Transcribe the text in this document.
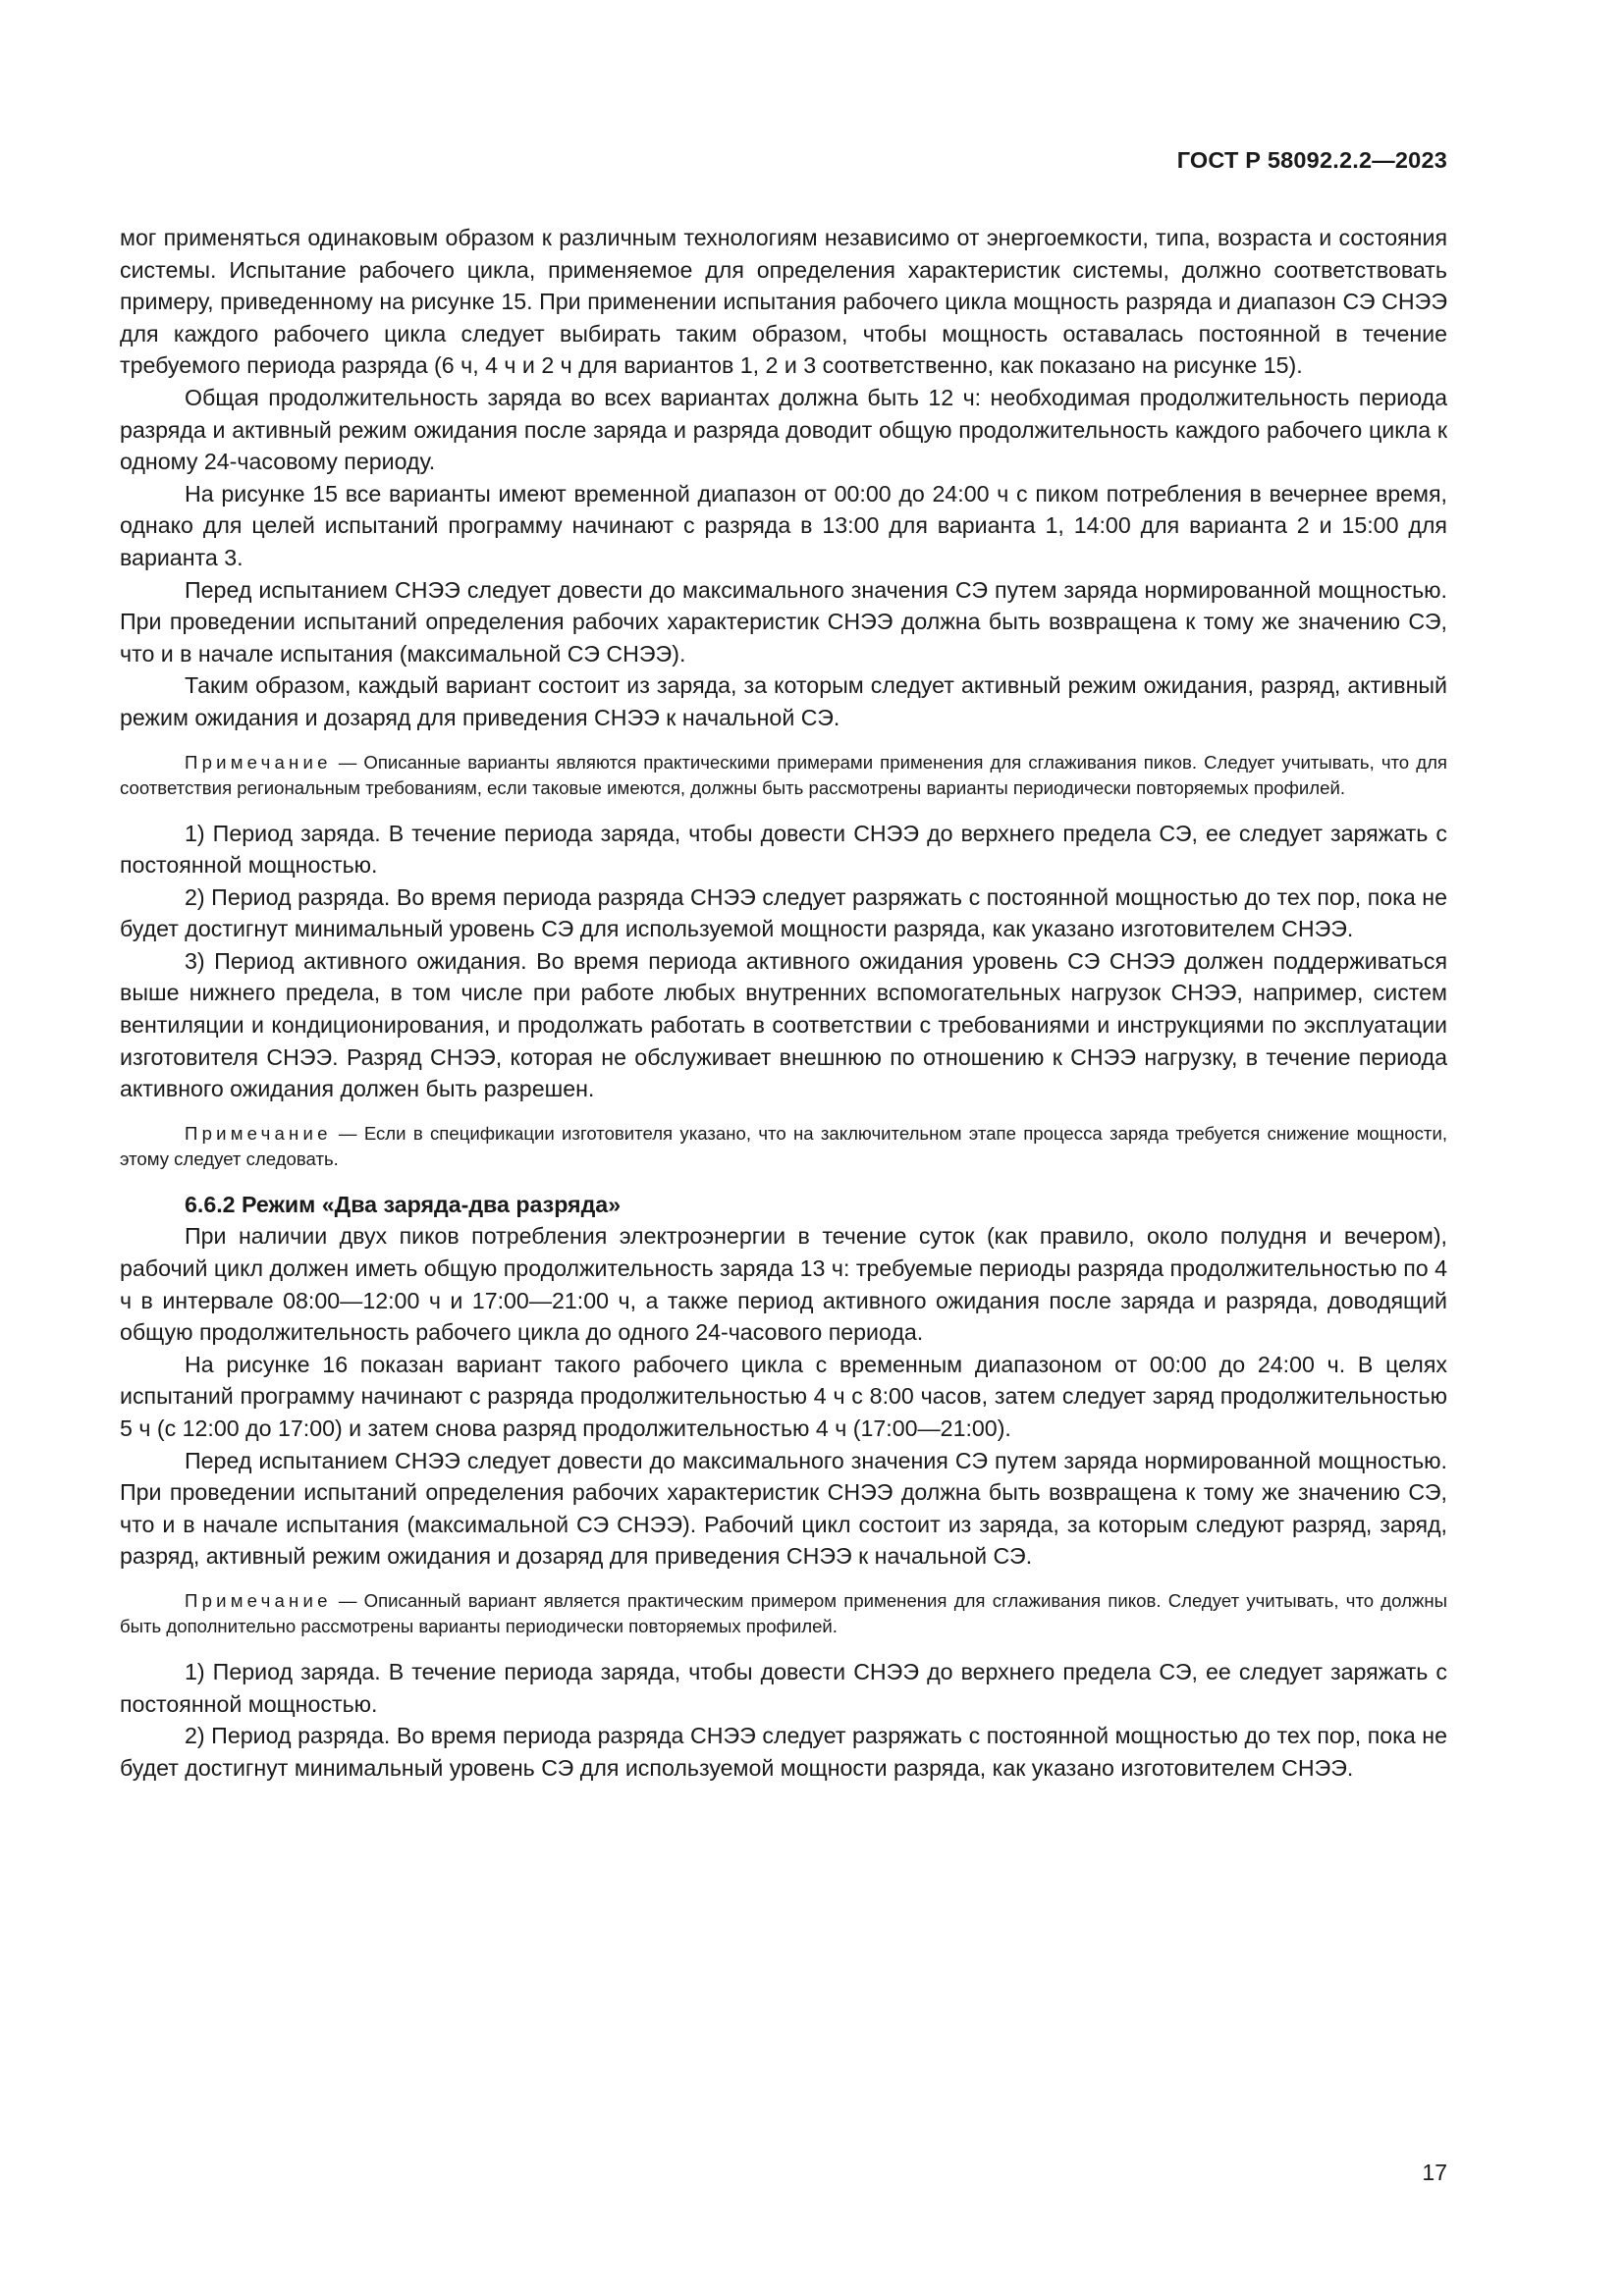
ГОСТ Р 58092.2.2—2023

мог применяться одинаковым образом к различным технологиям независимо от энергоемкости, типа, возраста и состояния системы. Испытание рабочего цикла, применяемое для определения характеристик системы, должно соответствовать примеру, приведенному на рисунке 15. При применении испытания рабочего цикла мощность разряда и диапазон СЭ СНЭЭ для каждого рабочего цикла следует выбирать таким образом, чтобы мощность оставалась постоянной в течение требуемого периода разряда (6 ч, 4 ч и 2 ч для вариантов 1, 2 и 3 соответственно, как показано на рисунке 15).

Общая продолжительность заряда во всех вариантах должна быть 12 ч: необходимая продолжительность периода разряда и активный режим ожидания после заряда и разряда доводит общую продолжительность каждого рабочего цикла к одному 24-часовому периоду.

На рисунке 15 все варианты имеют временной диапазон от 00:00 до 24:00 ч с пиком потребления в вечернее время, однако для целей испытаний программу начинают с разряда в 13:00 для варианта 1, 14:00 для варианта 2 и 15:00 для варианта 3.

Перед испытанием СНЭЭ следует довести до максимального значения СЭ путем заряда нормированной мощностью. При проведении испытаний определения рабочих характеристик СНЭЭ должна быть возвращена к тому же значению СЭ, что и в начале испытания (максимальной СЭ СНЭЭ).

Таким образом, каждый вариант состоит из заряда, за которым следует активный режим ожидания, разряд, активный режим ожидания и дозаряд для приведения СНЭЭ к начальной СЭ.

Примечание — Описанные варианты являются практическими примерами применения для сглаживания пиков. Следует учитывать, что для соответствия региональным требованиям, если таковые имеются, должны быть рассмотрены варианты периодически повторяемых профилей.

1) Период заряда. В течение периода заряда, чтобы довести СНЭЭ до верхнего предела СЭ, ее следует заряжать с постоянной мощностью.

2) Период разряда. Во время периода разряда СНЭЭ следует разряжать с постоянной мощностью до тех пор, пока не будет достигнут минимальный уровень СЭ для используемой мощности разряда, как указано изготовителем СНЭЭ.

3) Период активного ожидания. Во время периода активного ожидания уровень СЭ СНЭЭ должен поддерживаться выше нижнего предела, в том числе при работе любых внутренних вспомогательных нагрузок СНЭЭ, например, систем вентиляции и кондиционирования, и продолжать работать в соответствии с требованиями и инструкциями по эксплуатации изготовителя СНЭЭ. Разряд СНЭЭ, которая не обслуживает внешнюю по отношению к СНЭЭ нагрузку, в течение периода активного ожидания должен быть разрешен.

Примечание — Если в спецификации изготовителя указано, что на заключительном этапе процесса заряда требуется снижение мощности, этому следует следовать.

6.6.2 Режим «Два заряда-два разряда»

При наличии двух пиков потребления электроэнергии в течение суток (как правило, около полудня и вечером), рабочий цикл должен иметь общую продолжительность заряда 13 ч: требуемые периоды разряда продолжительностью по 4 ч в интервале 08:00—12:00 ч и 17:00—21:00 ч, а также период активного ожидания после заряда и разряда, доводящий общую продолжительность рабочего цикла до одного 24-часового периода.

На рисунке 16 показан вариант такого рабочего цикла с временным диапазоном от 00:00 до 24:00 ч. В целях испытаний программу начинают с разряда продолжительностью 4 ч с 8:00 часов, затем следует заряд продолжительностью 5 ч (с 12:00 до 17:00) и затем снова разряд продолжительностью 4 ч (17:00—21:00).

Перед испытанием СНЭЭ следует довести до максимального значения СЭ путем заряда нормированной мощностью. При проведении испытаний определения рабочих характеристик СНЭЭ должна быть возвращена к тому же значению СЭ, что и в начале испытания (максимальной СЭ СНЭЭ). Рабочий цикл состоит из заряда, за которым следуют разряд, заряд, разряд, активный режим ожидания и дозаряд для приведения СНЭЭ к начальной СЭ.

Примечание — Описанный вариант является практическим примером применения для сглаживания пиков. Следует учитывать, что должны быть дополнительно рассмотрены варианты периодически повторяемых профилей.

1) Период заряда. В течение периода заряда, чтобы довести СНЭЭ до верхнего предела СЭ, ее следует заряжать с постоянной мощностью.

2) Период разряда. Во время периода разряда СНЭЭ следует разряжать с постоянной мощностью до тех пор, пока не будет достигнут минимальный уровень СЭ для используемой мощности разряда, как указано изготовителем СНЭЭ.

17
